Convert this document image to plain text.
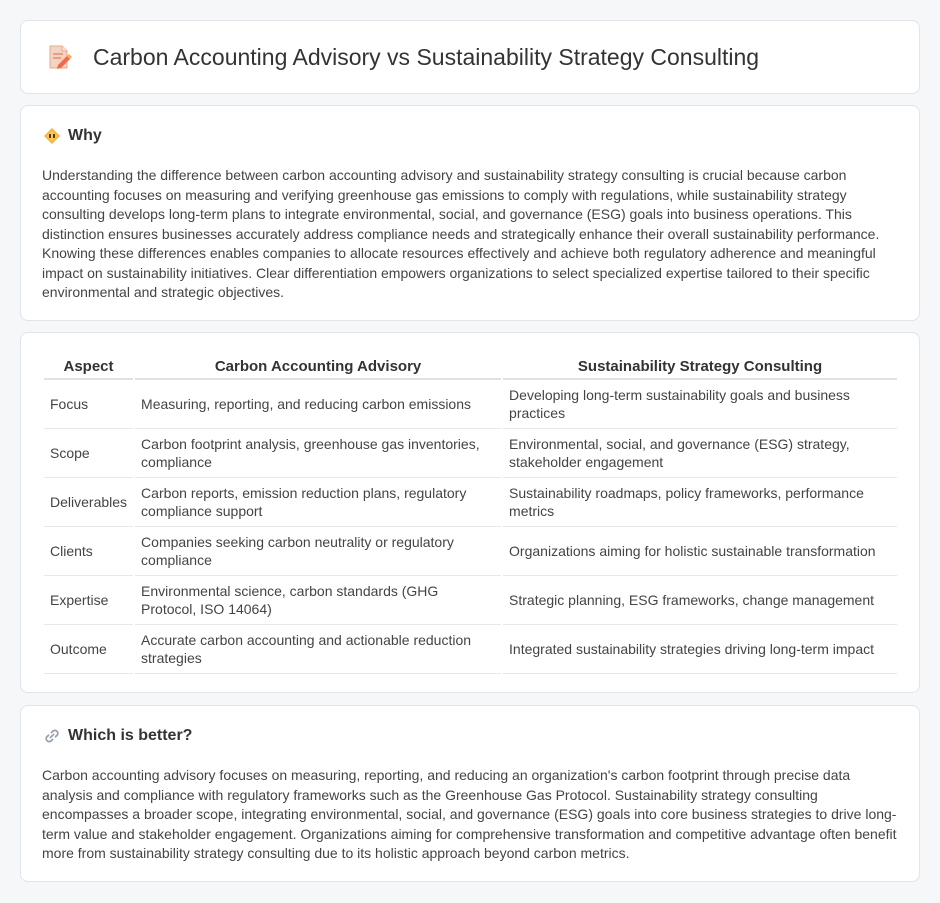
Carbon Accounting Advisory vs Sustainability Strategy Consulting
Why

Understanding the difference between carbon accounting advisory and sustainability strategy consulting is crucial because carbon accounting focuses on measuring and verifying greenhouse gas emissions to comply with regulations, while sustainability strategy consulting develops long-term plans to integrate environmental, social, and governance (ESG) goals into business operations. This distinction ensures businesses accurately address compliance needs and strategically enhance their overall sustainability performance. Knowing these differences enables companies to allocate resources effectively and achieve both regulatory adherence and meaningful impact on sustainability initiatives. Clear differentiation empowers organizations to select specialized expertise tailored to their specific environmental and strategic objectives.

Aspect	Carbon Accounting Advisory	Sustainability Strategy Consulting
Focus	Measuring, reporting, and reducing carbon emissions	Developing long-term sustainability goals and business practices
Scope	Carbon footprint analysis, greenhouse gas inventories, compliance	Environmental, social, and governance (ESG) strategy, stakeholder engagement
Deliverables	Carbon reports, emission reduction plans, regulatory compliance support	Sustainability roadmaps, policy frameworks, performance metrics
Clients	Companies seeking carbon neutrality or regulatory compliance	Organizations aiming for holistic sustainable transformation
Expertise	Environmental science, carbon standards (GHG Protocol, ISO 14064)	Strategic planning, ESG frameworks, change management
Outcome	Accurate carbon accounting and actionable reduction strategies	Integrated sustainability strategies driving long-term impact
Which is better?

Carbon accounting advisory focuses on measuring, reporting, and reducing an organization's carbon footprint through precise data analysis and compliance with regulatory frameworks such as the Greenhouse Gas Protocol. Sustainability strategy consulting encompasses a broader scope, integrating environmental, social, and governance (ESG) goals into core business strategies to drive long-term value and stakeholder engagement. Organizations aiming for comprehensive transformation and competitive advantage often benefit more from sustainability strategy consulting due to its holistic approach beyond carbon metrics.
